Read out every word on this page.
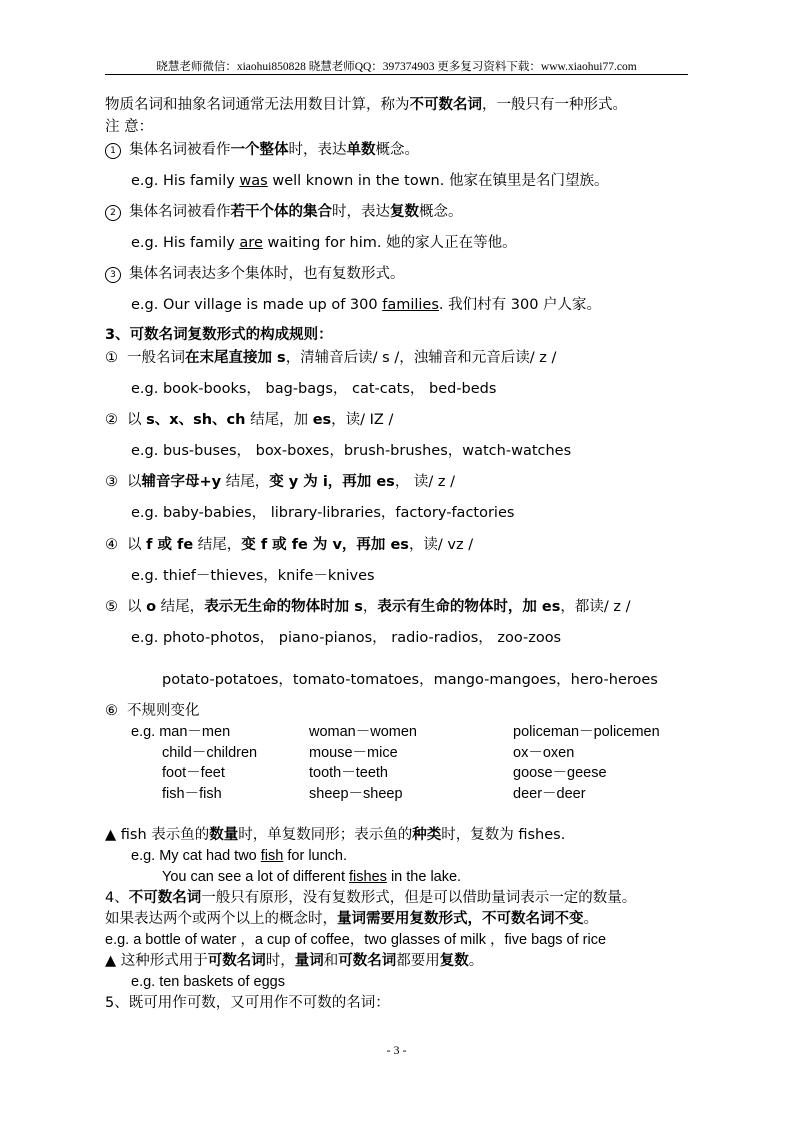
晓慧老师微信：xiaohui850828 晓慧老师QQ：397374903 更多复习资料下载：www.xiaohui77.com
物质名词和抽象名词通常无法用数目计算，称为不可数名词，一般只有一种形式。
注 意：
1 集体名词被看作一个整体时，表达单数概念。
e.g. His family was well known in the town. 他家在镇里是名门望族。
2 集体名词被看作若干个体的集合时，表达复数概念。
e.g. His family are waiting for him. 她的家人正在等他。
3 集体名词表达多个集体时，也有复数形式。
e.g. Our village is made up of 300 families. 我们村有 300 户人家。
3、可数名词复数形式的构成规则：
① 一般名词在末尾直接加 s，清辅音后读/ s /，浊辅音和元音后读/ z /
e.g. book-books， bag-bags， cat-cats， bed-beds
② 以 s、x、sh、ch 结尾，加 es，读/ IZ /
e.g. bus-buses， box-boxes，brush-brushes，watch-watches
③ 以辅音字母+y 结尾，变 y 为 i，再加 es， 读/ z /
e.g. baby-babies， library-libraries，factory-factories
④ 以 f 或 fe 结尾，变 f 或 fe 为 v，再加 es，读/ vz /
e.g. thief－thieves，knife－knives
⑤ 以 o 结尾，表示无生命的物体时加 s，表示有生命的物体时，加 es，都读/ z /
e.g. photo-photos， piano-pianos， radio-radios， zoo-zoos
potato-potatoes，tomato-tomatoes，mango-mangoes，hero-heroes
⑥ 不规则变化
e.g. man－men
child－children
foot－feet
fish－fish
woman－women
mouse－mice
tooth－teeth
sheep－sheep
policeman－policemen
ox－oxen
goose－geese
deer－deer
▲ fish 表示鱼的数量时，单复数同形；表示鱼的种类时，复数为 fishes.
e.g. My cat had two fish for lunch.
You can see a lot of different fishes in the lake.
4、不可数名词一般只有原形，没有复数形式，但是可以借助量词表示一定的数量。
如果表达两个或两个以上的概念时，量词需要用复数形式，不可数名词不变。
e.g. a bottle of water ，a cup of coffee，two glasses of milk ，five bags of rice
▲ 这种形式用于可数名词时，量词和可数名词都要用复数。
e.g. ten baskets of eggs
5、既可用作可数，又可用作不可数的名词：
- 3 -
